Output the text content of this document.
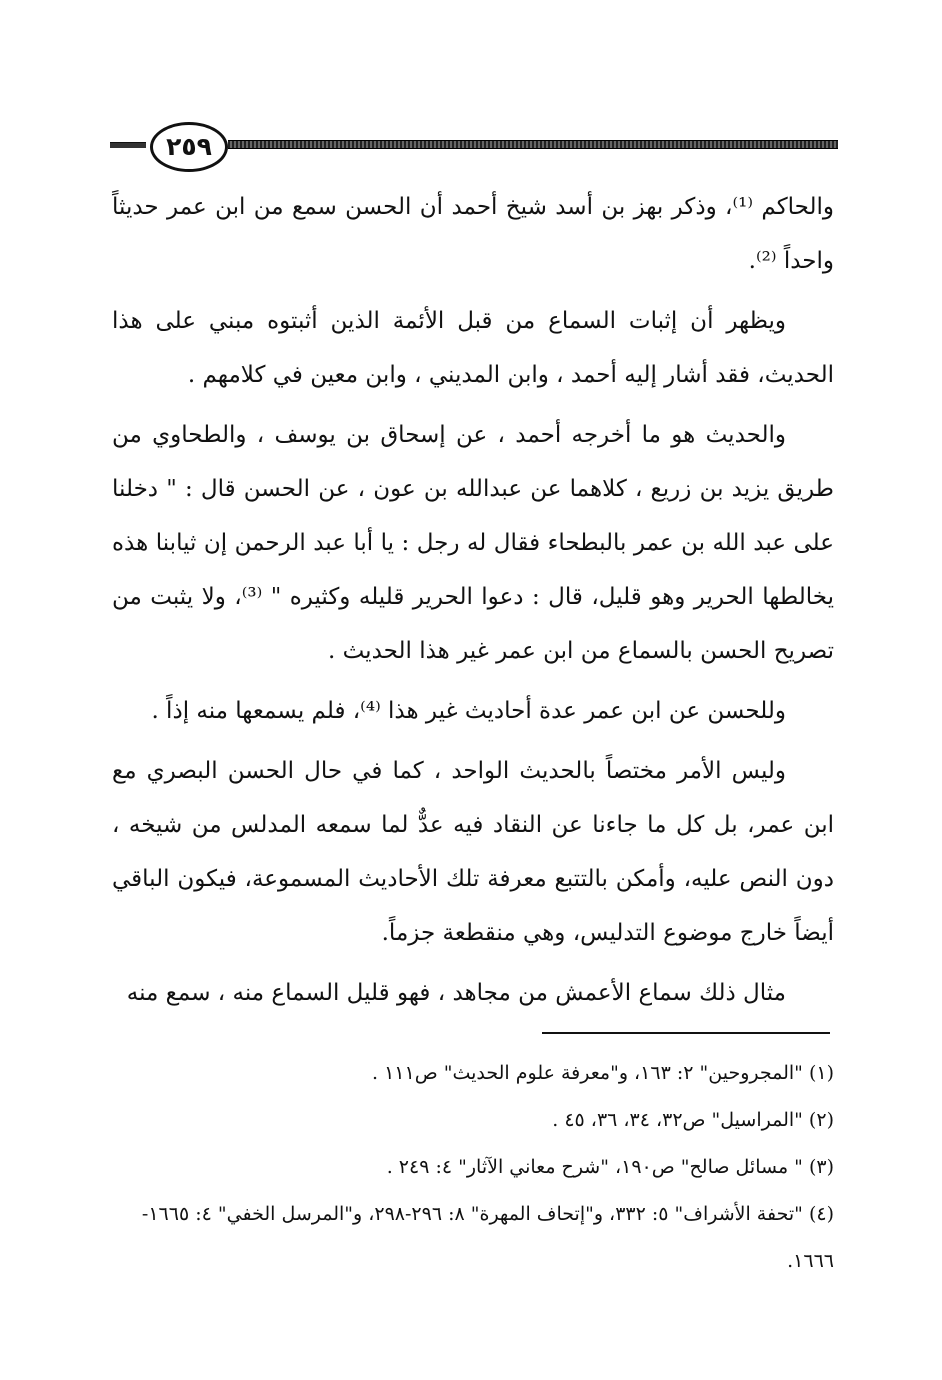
٢٥٩

والحاكم ⁽¹⁾، وذكر بهز بن أسد شيخ أحمد أن الحسن سمع من ابن عمر حديثاً واحداً ⁽²⁾.

ويظهر أن إثبات السماع من قبل الأئمة الذين أثبتوه مبني على هذا الحديث، فقد أشار إليه أحمد ، وابن المديني ، وابن معين في كلامهم .

والحديث هو ما أخرجه أحمد ، عن إسحاق بن يوسف ، والطحاوي من طريق يزيد بن زريع ، كلاهما عن عبدالله بن عون ، عن الحسن قال : " دخلنا على عبد الله بن عمر بالبطحاء فقال له رجل : يا أبا عبد الرحمن إن ثيابنا هذه يخالطها الحرير وهو قليل، قال : دعوا الحرير قليله وكثيره " ⁽³⁾، ولا يثبت من تصريح الحسن بالسماع من ابن عمر غير هذا الحديث .

وللحسن عن ابن عمر عدة أحاديث غير هذا ⁽⁴⁾، فلم يسمعها منه إذاً .

وليس الأمر مختصاً بالحديث الواحد ، كما في حال الحسن البصري مع ابن عمر، بل كل ما جاءنا عن النقاد فيه عدٌّ لما سمعه المدلس من شيخه ، دون النص عليه، وأمكن بالتتبع معرفة تلك الأحاديث المسموعة، فيكون الباقي أيضاً خارج موضوع التدليس، وهي منقطعة جزماً.

مثال ذلك سماع الأعمش من مجاهد ، فهو قليل السماع منه ، سمع منه

(١) "المجروحين" ٢: ١٦٣، و"معرفة علوم الحديث" ص١١١ .
(٢) "المراسيل" ص٣٢، ٣٤، ٣٦، ٤٥ .
(٣) " مسائل صالح" ص١٩٠، "شرح معاني الآثار" ٤: ٢٤٩ .
(٤) "تحفة الأشراف" ٥: ٣٣٢، و"إتحاف المهرة" ٨: ٢٩٦-٢٩٨، و"المرسل الخفي" ٤: ١٦٦٥- ١٦٦٦.
